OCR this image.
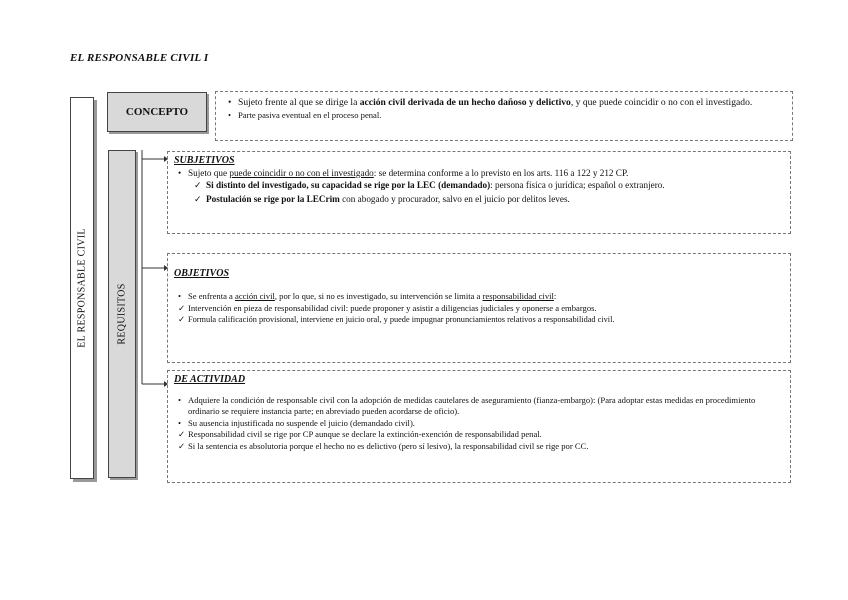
EL RESPONSABLE CIVIL I
EL RESPONSABLE CIVIL	REQUISITOS
CONCEPTO
• Sujeto frente al que se dirige la acción civil derivada de un hecho dañoso y delictivo, y que puede coincidir o no con el investigado.
• Parte pasiva eventual en el proceso penal.
SUBJETIVOS
• Sujeto que puede coincidir o no con el investigado: se determina conforme a lo previsto en los arts. 116 a 122 y 212 CP.
✓ Si distinto del investigado, su capacidad se rige por la LEC (demandado): persona física o jurídica; español o extranjero.
✓ Postulación se rige por la LECrim con abogado y procurador, salvo en el juicio por delitos leves.
OBJETIVOS
• Se enfrenta a acción civil, por lo que, si no es investigado, su intervención se limita a responsabilidad civil:
✓ Intervención en pieza de responsabilidad civil: puede proponer y asistir a diligencias judiciales y oponerse a embargos.
✓ Formula calificación provisional, interviene en juicio oral, y puede impugnar pronunciamientos relativos a responsabilidad civil.
DE ACTIVIDAD
• Adquiere la condición de responsable civil con la adopción de medidas cautelares de aseguramiento (fianza-embargo): (Para adoptar estas medidas en procedimiento ordinario se requiere instancia parte; en abreviado pueden acordarse de oficio).
• Su ausencia injustificada no suspende el juicio (demandado civil).
✓ Responsabilidad civil se rige por CP aunque se declare la extinción-exención de responsabilidad penal.
✓ Si la sentencia es absolutoria porque el hecho no es delictivo (pero sí lesivo), la responsabilidad civil se rige por CC.
